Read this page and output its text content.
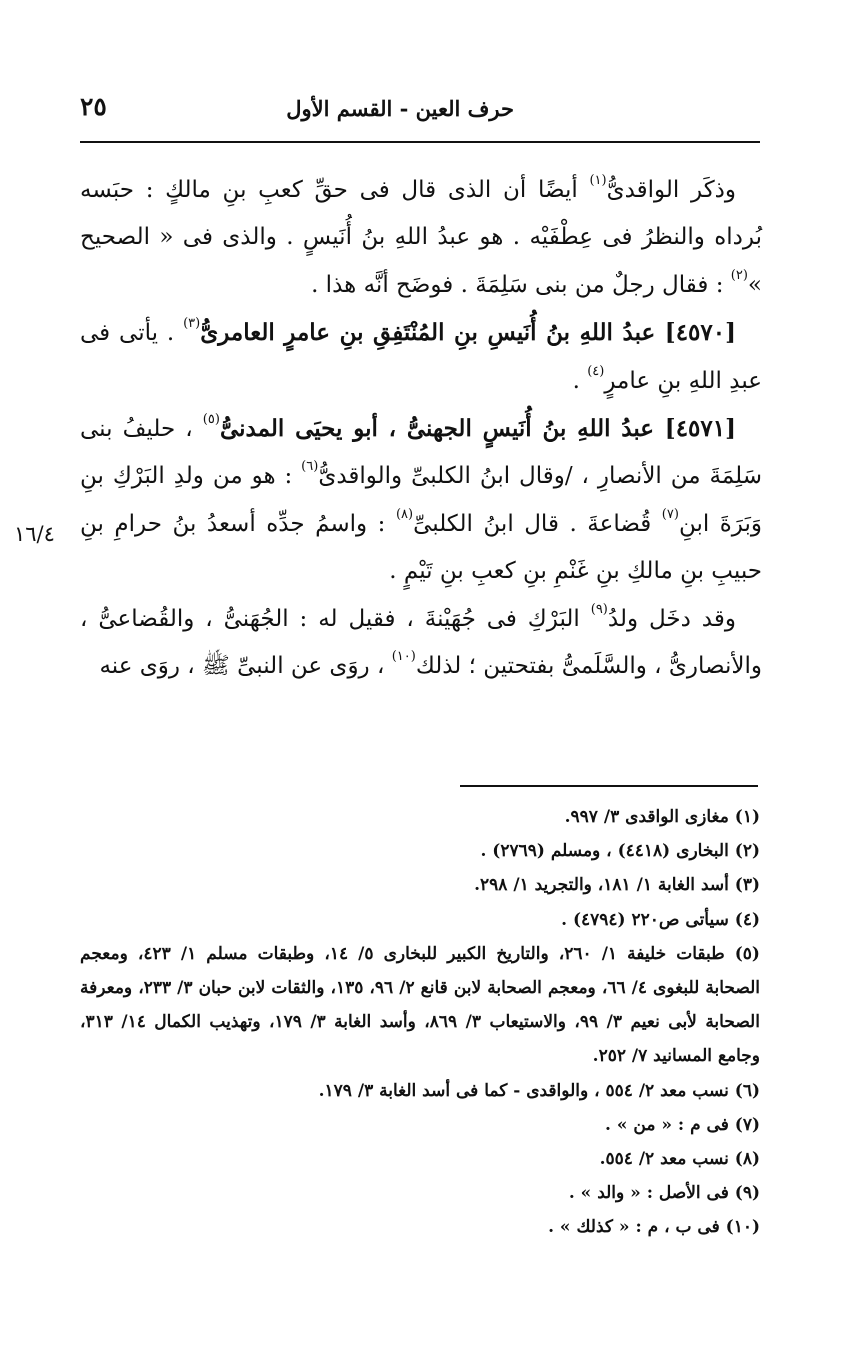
٢٥	حرف العين - القسم الأول
١٦/٤

وذكَر الواقدىُّ$^{(١)}$ أيضًا أن الذى قال فى حقِّ كعبِ بنِ مالكٍ : حبَسه بُرداه والنظرُ فى عِطْفَيْه . هو عبدُ اللهِ بنُ أُنَيسٍ . والذى فى « الصحيح »$^{(٢)}$ : فقال رجلٌ من بنى سَلِمَةَ . فوضَح أنَّه هذا .

[٤٥٧٠] عبدُ اللهِ بنُ أُنَيسِ بنِ المُنْتَفِقِ بنِ عامرٍ العامرىُّ$^{(٣)}$ . يأتى فى عبدِ اللهِ بنِ عامرٍ$^{(٤)}$ .

[٤٥٧١] عبدُ اللهِ بنُ أُنَيسٍ الجهنىُّ ، أبو يحيَى المدنىُّ$^{(٥)}$ ، حليفُ بنى سَلِمَةَ من الأنصارِ ، /وقال ابنُ الكلبىِّ والواقدىُّ$^{(٦)}$ : هو من ولدِ البَرْكِ بنِ وَبَرَةَ ابنِ$^{(٧)}$ قُضاعةَ . قال ابنُ الكلبىِّ$^{(٨)}$ : واسمُ جدِّه أسعدُ بنُ حرامِ بنِ حبيبِ بنِ مالكِ بنِ غَنْمِ بنِ كعبِ بنِ تَيْمٍ .

وقد دخَل ولدُ$^{(٩)}$ البَرْكِ فى جُهَيْنةَ ، فقيل له : الجُهَنىُّ ، والقُضاعىُّ ، والأنصارىُّ ، والسَّلَمىُّ بفتحتين ؛ لذلك$^{(١٠)}$ ، روَى عن النبىِّ ﷺ ، روَى عنه

(١) مغازى الواقدى ٣/ ٩٩٧.

(٢) البخارى (٤٤١٨) ، ومسلم (٢٧٦٩) .

(٣) أسد الغابة ١/ ١٨١، والتجريد ١/ ٢٩٨.

(٤) سيأتى ص٢٢٠ (٤٧٩٤) .

(٥) طبقات خليفة ١/ ٢٦٠، والتاريخ الكبير للبخارى ٥/ ١٤، وطبقات مسلم ١/ ٤٢٣، ومعجم الصحابة للبغوى ٤/ ٦٦، ومعجم الصحابة لابن قانع ٢/ ٩٦، ١٣٥، والثقات لابن حبان ٣/ ٢٣٣، ومعرفة الصحابة لأبى نعيم ٣/ ٩٩، والاستيعاب ٣/ ٨٦٩، وأسد الغابة ٣/ ١٧٩، وتهذيب الكمال ١٤/ ٣١٣، وجامع المسانيد ٧/ ٢٥٢.

(٦) نسب معد ٢/ ٥٥٤ ، والواقدى - كما فى أسد الغابة ٣/ ١٧٩.

(٧) فى م : « من » .

(٨) نسب معد ٢/ ٥٥٤.

(٩) فى الأصل : « والد » .

(١٠) فى ب ، م : « كذلك » .
